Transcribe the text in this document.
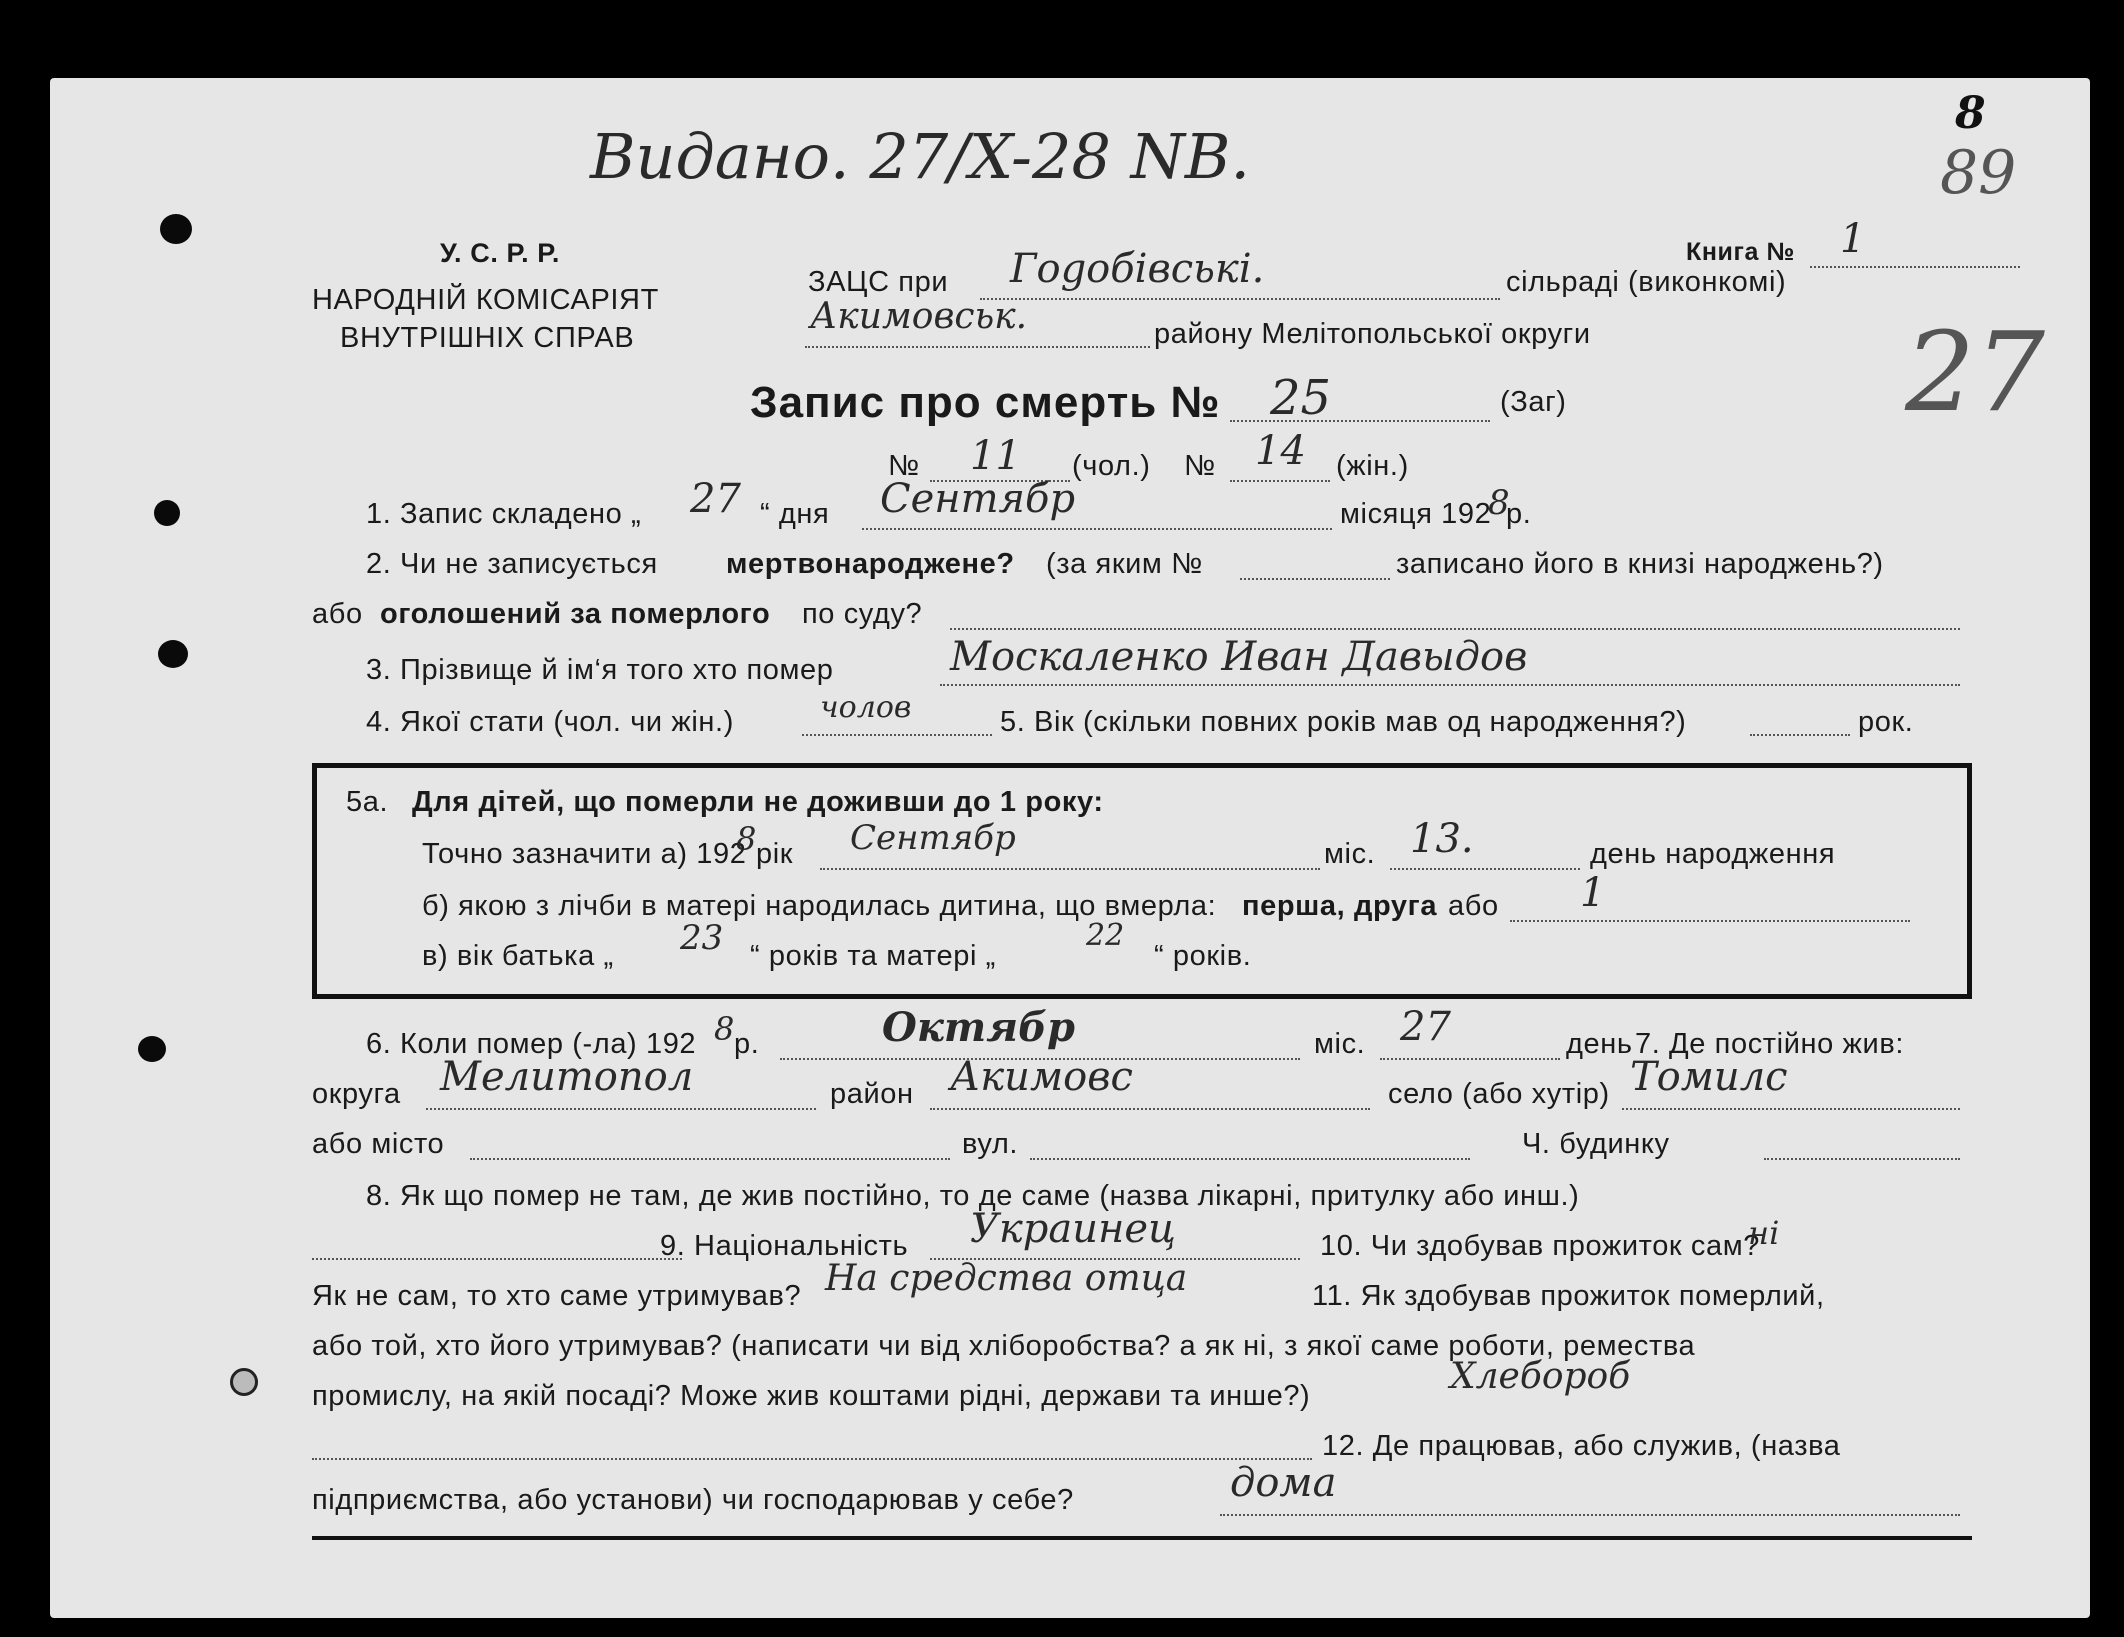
Видано. 27/X-28 NВ.
8
89
27
У. С. Р. Р.
НАРОДНІЙ КОМІСАРІЯТ
ВНУТРІШНІХ СПРАВ
Книга № 1
ЗАЦС при Гоgобівськi.	сільраді (виконкомі)
Акимовськ.	району Мелітопольської округи
Запис про смерть № 25	(Заг)
№ 11 (чол.) № 14 (жін.)
1. Запис складено „ 27 “ дня Сентябр	місяця 192
8
р.
2. Чи не записується мертвонароджене? (за яким №	записано його в книзі народжень?)
або оголошений за померлого по суду?
3. Прізвище й ім‘я того хто помер	Москаленко Иван Давыдов
4. Якої стати (чол. чи жін.)	чолов	5. Вік (скільки повних років мав од народження?)	рок.
5а. Для дітей, що померли не доживши до 1 року:
Точно зазначити а) 192
8 рік Сентябр	міс. 13.	день народження
б) якою з лічби в матері народилась дитина, що вмерла: перша, друга або 1
в) вік батька „ 23 “ років та матері „
22
“ років.
6. Коли помер (-ла) 192 8 р.	Октябр	міс. 27	день 7. Де постійно жив:
округа Мелитопол	район Акимовс	село (або хутір) Томилс
або місто	вул.	Ч. будинку
8. Як що помер не там, де жив постійно, то де саме (назва лікарні, притулку або инш.)
9. Національність Украинец	10. Чи здобував прожиток сам?
ні
Як не сам, то хто саме утримував? На средства отца	11. Як здобував прожиток померлий,
або той, хто його утримував? (написати чи від хліборобства? а як ні, з якої саме роботи, ремества
промислу, на якій посаді? Може жив коштами рідні, держави та инше?)	Хлебороб
12. Де працював, або служив, (назва
підприємства, або установи) чи господарював у себе?	дома
